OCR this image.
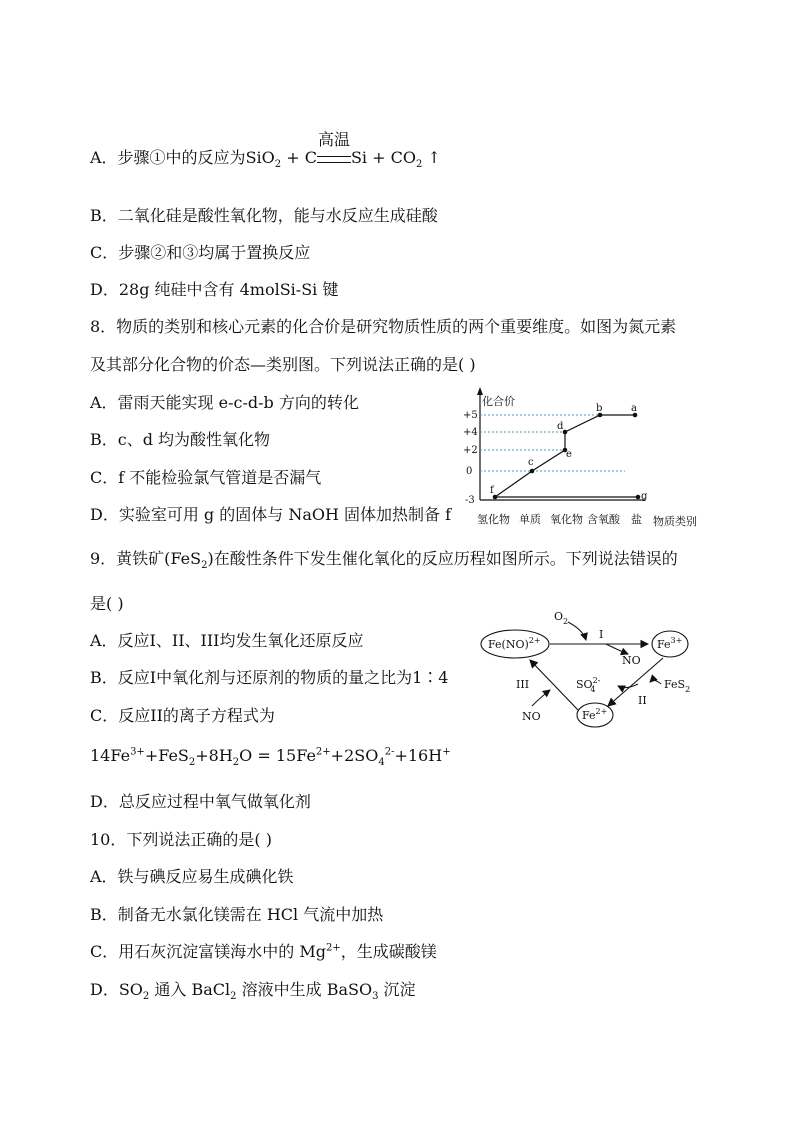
A．步骤①中的反应为SiO$_2$ + C
高温
$Si + CO_2$ ↑
B．二氧化硅是酸性氧化物，能与水反应生成硅酸
C．步骤②和③均属于置换反应
D．28g 纯硅中含有 4molSi-Si 键
8．物质的类别和核心元素的化合价是研究物质性质的两个重要维度。如图为氮元素
及其部分化合物的价态—类别图。下列说法正确的是( )
A．雷雨天能实现 e-c-d-b 方向的转化
B．c、d 均为酸性氧化物
C．f 不能检验氯气管道是否漏气
D．实验室可用 g 的固体与 NaOH 固体加热制备 f
化合价
+5
+4
+2
0
-3
f
e
c
d
b	a
g
氢化物 单质 氧化物 含氧酸 盐 物质类别
9．黄铁矿(FeS$_2$)在酸性条件下发生催化氧化的反应历程如图所示。下列说法错误的
是( )
A．反应I、II、III均发生氧化还原反应
B．反应I中氧化剂与还原剂的物质的量之比为1∶4
C．反应II的离子方程式为
$14Fe^{3+}+FeS_2+8H_2O = 15Fe^{2+}+2SO_4^{2-}+16H^+$
D．总反应过程中氧气做氧化剂
Fe(NO)$^{2+}$	$Fe^{3+}$
$Fe^{2+}$
$O_2$
I
NO
$SO^{2-}4$	FeS$_2$
II
III
NO
10．下列说法正确的是( )
A．铁与碘反应易生成碘化铁
B．制备无水氯化镁需在 HCl 气流中加热
C．用石灰沉淀富镁海水中的 $Mg^{2+}$，生成碳酸镁
D．$SO_2$ 通入 BaCl$_2$ 溶液中生成 BaSO$_3$ 沉淀
